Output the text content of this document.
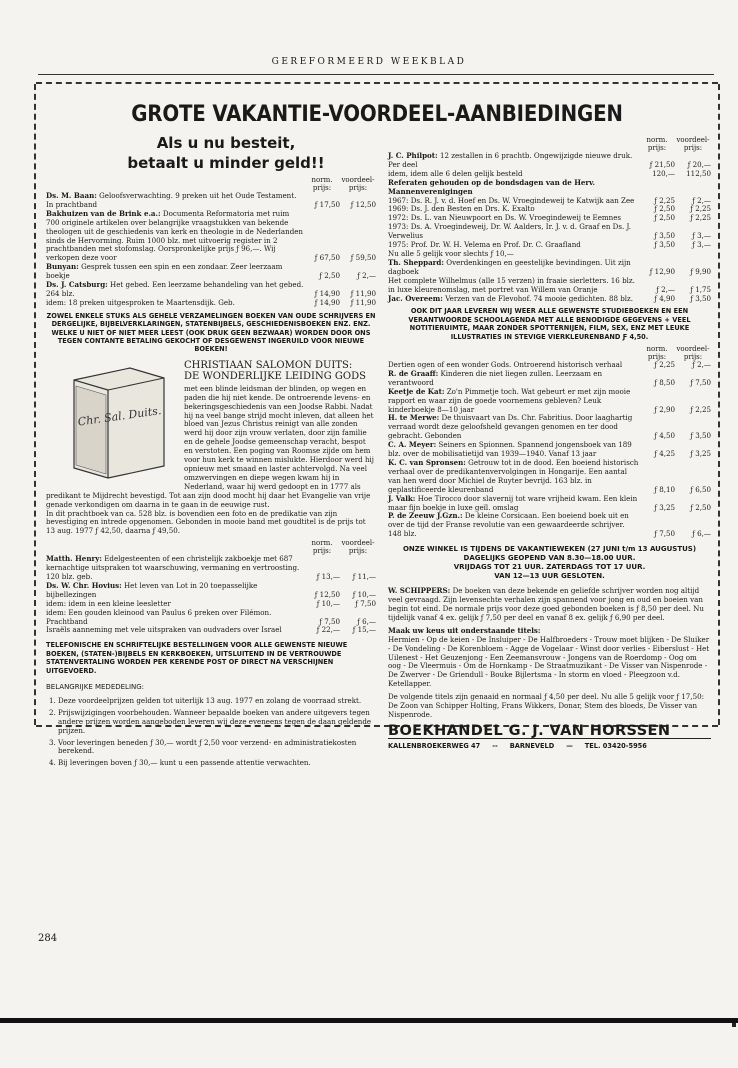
GEREFORMEERD WEEKBLAD
GROTE VAKANTIE-VOORDEEL-AANBIEDINGEN
Als u nu besteit,
betaalt u minder geld!!
norm.
prijs:
voordeel-
prijs:
Ds. M. Baan: Geloofsverwachting. 9 preken uit het Oude Testament. In prachtband	ƒ 17,50	ƒ 12,50
Bakhuizen van de Brink e.a.: Documenta Reformatoria met ruim 700 originele artikelen over belangrijke vraagstukken van bekende theologen uit de geschiedenis van kerk en theologie in de Nederlanden sinds de Hervorming. Ruim 1000 blz. met uitvoerig register in 2 prachtbanden met stofomslag. Oorspronkelijke prijs ƒ 96,—. Wij verkopen deze voor	ƒ 67,50	ƒ 59,50
Bunyan: Gesprek tussen een spin en een zondaar. Zeer leerzaam boekje	ƒ 2,50	ƒ 2,—
Ds. J. Catsburg: Het gebed. Een leerzame behandeling van het gebed. 264 blz.	ƒ 14,90	ƒ 11,90
idem: 18 preken uitgesproken te Maartensdijk. Geb.	ƒ 14,90	ƒ 11,90
ZOWEL ENKELE STUKS ALS GEHELE VERZAMELINGEN BOEKEN VAN OUDE SCHRIJVERS EN DERGELIJKE, BIJBELVERKLARINGEN, STATENBIJBELS, GESCHIEDENISBOEKEN ENZ. ENZ. WELKE U NIET OF NIET MEER LEEST (OOK DRUK GEEN BEZWAAR) WORDEN DOOR ONS TEGEN CONTANTE BETALING GEKOCHT OF DESGEWENST INGERUILD VOOR NIEUWE BOEKEN!
Chr. Sal. Duits.
CHRISTIAAN SALOMON DUITS:
DE WONDERLIJKE LEIDING GODS
met een blinde leidsman der blinden, op wegen en paden die hij niet kende. De ontroerende levens- en bekeringsgeschiedenis van een Joodse Rabbi. Nadat hij na veel bange strijd mocht inleven, dat alleen het bloed van Jezus Christus reinigt van alle zonden werd hij door zijn vrouw verlaten, door zijn familie en de gehele Joodse gemeenschap veracht, bespot en verstoten. Een poging van Roomse zijde om hem voor hun kerk te winnen mislukte. Hierdoor werd hij opnieuw met smaad en laster achtervolgd. Na veel omzwervingen en diepe wegen kwam hij in Nederland, waar hij werd gedoopt en in 1777 als predikant te Mijdrecht bevestigd. Tot aan zijn dood mocht hij daar het Evangelie van vrije genade verkondigen om daarna in te gaan in de eeuwige rust.
In dit prachtboek van ca. 528 blz. is bovendien een foto en de predikatie van zijn bevestiging en intrede opgenomen. Gebonden in mooie band met goudtitel is de prijs tot 13 aug. 1977 ƒ 42,50, daarna ƒ 49,50.
norm.
prijs:
voordeel-
prijs:
Matth. Henry: Edelgesteenten of een christelijk zakboekje met 687 kernachtige uitspraken tot waarschuwing, vermaning en vertroosting. 120 blz. geb.	ƒ 13,—	ƒ 11,—
Ds. W. Chr. Hovius: Het leven van Lot in 20 toepasselijke bijbellezingen	ƒ 12,50	ƒ 10,—
idem: idem in een kleine leesletter	ƒ 10,—	ƒ 7,50
idem: Een gouden kleinood van Paulus 6 preken over Filémon. Prachtband	ƒ 7,50	ƒ 6,—
Israëls aanneming met vele uitspraken van oudvaders over Israel	ƒ 22,—	ƒ 15,—
TELEFONISCHE EN SCHRIFTELIJKE BESTELLINGEN VOOR ALLE GEWENSTE NIEUWE BOEKEN, (STATEN-)BIJBELS EN KERKBOEKEN, UITSLUITEND IN DE VERTROUWDE STATENVERTALING WORDEN PER KERENDE POST OF DIRECT NA VERSCHIJNEN UITGEVOERD.
BELANGRIJKE MEDEDELING:
1. Deze voordeelprijzen gelden tot uiterlijk 13 aug. 1977 en zolang de voorraad strekt.
2. Prijswijzigingen voorbehouden. Wanneer bepaalde boeken van andere uitgevers tegen andere prijzen worden aangeboden leveren wij deze eveneens tegen de daan geldende prijzen.
3. Voor leveringen beneden ƒ 30,— wordt ƒ 2,50 voor verzend- en administratiekosten berekend.
4. Bij leveringen boven ƒ 30,— kunt u een passende attentie verwachten.
norm.
prijs:
voordeel-
prijs:
J. C. Philpot: 12 zestallen in 6 prachtb. Ongewijzigde nieuwe druk. Per deel	ƒ 21,50	ƒ 20,—
idem, idem alle 6 delen gelijk besteld	120,—	112,50
Referaten gehouden op de bondsdagen van de Herv. Mannenverenigingen
1967: Ds. R. J. v. d. Hoef en Ds. W. Vroegindeweij te Katwijk aan Zee	ƒ 2,25	ƒ 2,—
1969: Ds. J. den Besten en Drs. K. Exalto	ƒ 2,50	ƒ 2,25
1972: Ds. L. van Nieuwpoort en Ds. W. Vroegindeweij te Eemnes	ƒ 2,50	ƒ 2,25
1973: Ds. A. Vroegindeweij, Dr. W. Aalders, Ir. J. v. d. Graaf en Ds. J. Verwelius	ƒ 3,50	ƒ 3,—
1975: Prof. Dr. W. H. Velema en Prof. Dr. C. Graafland	ƒ 3,50	ƒ 3,—
Nu alle 5 gelijk voor slechts ƒ 10,—
Th. Sheppard: Overdenkingen en geestelijke bevindingen. Uit zijn dagboek	ƒ 12,90	ƒ 9,90
Het complete Wilhelmus (alle 15 verzen) in fraaie sierletters. 16 blz. in luxe kleurenomslag, met portret van Willem van Oranje	ƒ 2,—	ƒ 1,75
Jac. Overeem: Verzen van de Flevohof. 74 mooie gedichten. 88 blz.	ƒ 4,90	ƒ 3,50
OOK DIT JAAR LEVEREN WIJ WEER ALLE GEWENSTE STUDIEBOEKEN EN EEN VERANTWOORDE SCHOOLAGENDA MET ALLE BENODIGDE GEGEVENS + VEEL NOTITIERUIMTE, MAAR ZONDER SPOTTERNIJEN, FILM, SEX, ENZ MET LEUKE ILLUSTRATIES IN STEVIGE VIERKLEURENBAND Ƒ 4,50.
norm.
prijs:
voordeel-
prijs:
Dertien ogen of een wonder Gods. Ontroerend historisch verhaal	ƒ 2,25	ƒ 2,—
R. de Graaff: Kinderen die niet liegen zullen. Leerzaam en verantwoord	ƒ 8,50	ƒ 7,50
Keetje de Kat: Zo'n Pimmetje toch. Wat gebeurt er met zijn mooie rapport en waar zijn de goede voornemens gebleven? Leuk kinderboekje 8—10 jaar	ƒ 2,90	ƒ 2,25
H. te Merwe: De thuisvaart van Ds. Chr. Fabritius. Door laaghartig verraad wordt deze geloofsheld gevangen genomen en ter dood gebracht. Gebonden	ƒ 4,50	ƒ 3,50
C. A. Meyer: Seiners en Spionnen. Spannend jongensboek van 189 blz. over de mobilisatietijd van 1939—1940. Vanaf 13 jaar	ƒ 4,25	ƒ 3,25
K. C. van Spronsen: Getrouw tot in de dood. Een boeiend historisch verhaal over de predikantenvervolgingen in Hongarije. Een aantal van hen werd door Michiel de Ruyter bevrijd. 163 blz. in geplastificeerde kleurenband	ƒ 8,10	ƒ 6,50
J. Valk: Hoe Tirocco door slavernij tot ware vrijheid kwam. Een klein maar fijn boekje in luxe geïl. omslag	ƒ 3,25	ƒ 2,50
P. de Zeeuw J.Gzn.: De kleine Corsicaan. Een boeiend boek uit en over de tijd der Franse revolutie van een gewaardeerde schrijver. 148 blz.	ƒ 7,50	ƒ 6,—
ONZE WINKEL IS TIJDENS DE VAKANTIEWEKEN (27 JUNI t/m 13 AUGUSTUS) DAGELIJKS GEOPEND VAN 8.30—18.00 UUR.
VRIJDAGS TOT 21 UUR. ZATERDAGS TOT 17 UUR.
VAN 12—13 UUR GESLOTEN.
W. SCHIPPERS: De boeken van deze bekende en geliefde schrijver worden nog altijd veel gevraagd. Zijn levensechte verhalen zijn spannend voor jong en oud en boeien van begin tot eind. De normale prijs voor deze goed gebonden boeken is ƒ 8,50 per deel. Nu tijdelijk vanaf 4 ex. gelijk ƒ 7,50 per deel en vanaf 8 ex. gelijk ƒ 6,90 per deel.
Maak uw keus uit onderstaande titels:
Hermien - Op de keien - De Insluiper - De Halfbroeders - Trouw moet blijken - De Sluiker - De Vondeling - De Korenbloem - Agge de Vogelaar - Winst door verlies - Eiberslust - Het Uilenest - Het Geuzenjong - Een Zeemansvrouw - Jongens van de Roerdomp - Oog om oog - De Vleermuis - Om de Hornkamp - De Straatmuzikant - De Visser van Nispenrode - De Zwerver - De Griendull - Bouke Bijlertsma - In storm en vloed - Pleegzoon v.d. Ketellapper.
De volgende titels zijn genaaid en normaal ƒ 4,50 per deel. Nu alle 5 gelijk voor ƒ 17,50: De Zoon van Schipper Holting, Frans Wikkers, Donar, Stem des bloeds, De Visser van Nispenrode.
BOEKHANDEL G. J. VAN HORSSEN
KALLENBROEKERWEG 47 -- BARNEVELD — TEL. 03420-5956
284
